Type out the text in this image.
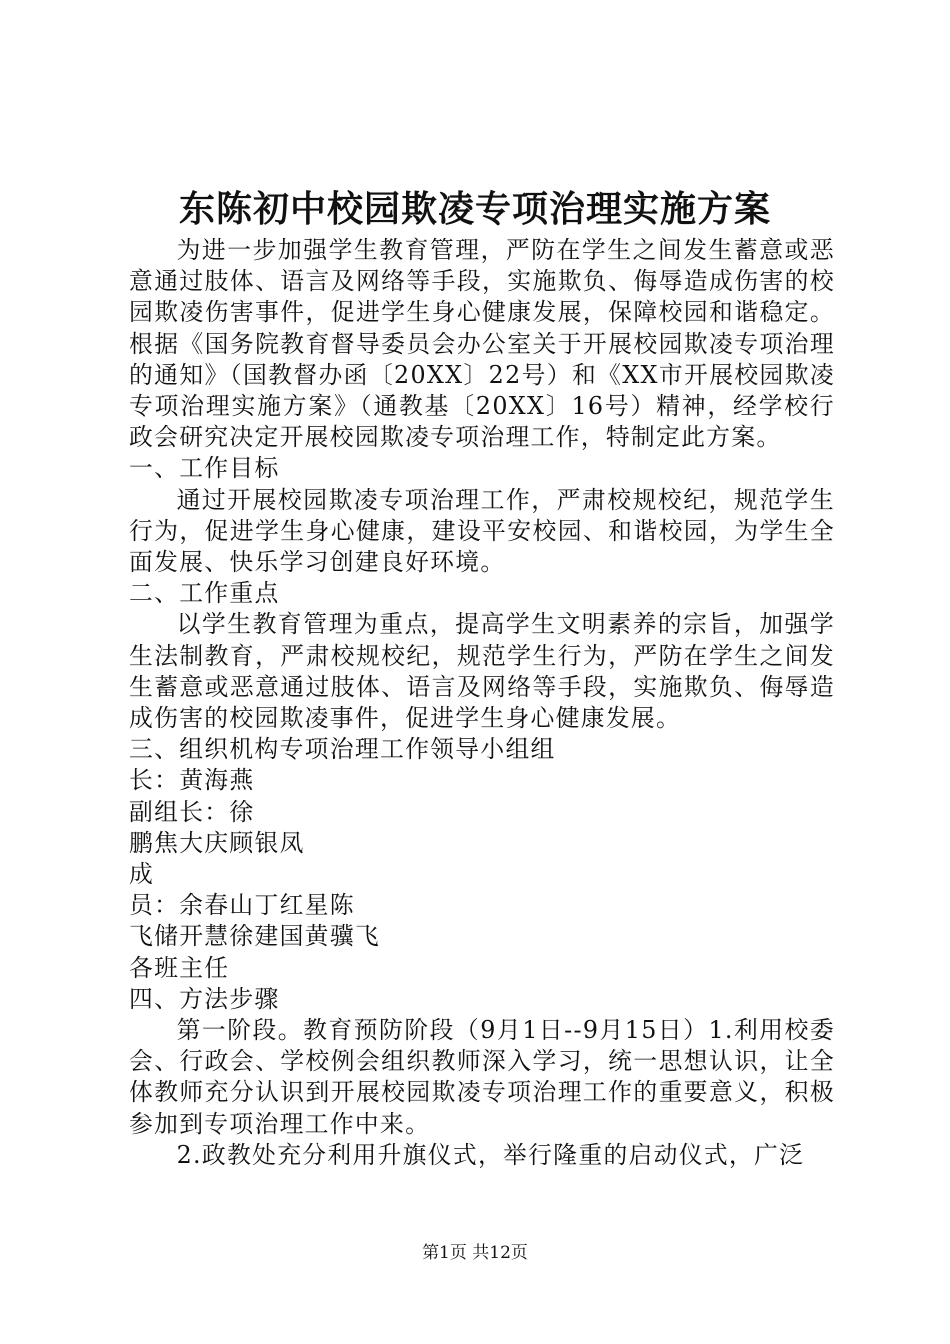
东陈初中校园欺凌专项治理实施方案

为进一步加强学生教育管理，严防在学生之间发生蓄意或恶意通过肢体、语言及网络等手段，实施欺负、侮辱造成伤害的校园欺凌伤害事件，促进学生身心健康发展，保障校园和谐稳定。根据《国务院教育督导委员会办公室关于开展校园欺凌专项治理的通知》（国教督办函〔20XX〕22号）和《XX市开展校园欺凌专项治理实施方案》（通教基〔20XX〕16号）精神，经学校行政会研究决定开展校园欺凌专项治理工作，特制定此方案。

一、工作目标

通过开展校园欺凌专项治理工作，严肃校规校纪，规范学生行为，促进学生身心健康，建设平安校园、和谐校园，为学生全面发展、快乐学习创建良好环境。

二、工作重点

以学生教育管理为重点，提高学生文明素养的宗旨，加强学生法制教育，严肃校规校纪，规范学生行为，严防在学生之间发生蓄意或恶意通过肢体、语言及网络等手段，实施欺负、侮辱造成伤害的校园欺凌事件，促进学生身心健康发展。

三、组织机构专项治理工作领导小组组

长：黄海燕

副组长：徐

鹏焦大庆顾银凤

成

员：余春山丁红星陈

飞储开慧徐建国黄骥飞

各班主任

四、方法步骤

第一阶段。教育预防阶段（9月1日--9月15日）1.利用校委会、行政会、学校例会组织教师深入学习，统一思想认识，让全体教师充分认识到开展校园欺凌专项治理工作的重要意义，积极参加到专项治理工作中来。

2.政教处充分利用升旗仪式，举行隆重的启动仪式，广泛

第1页 共12页
